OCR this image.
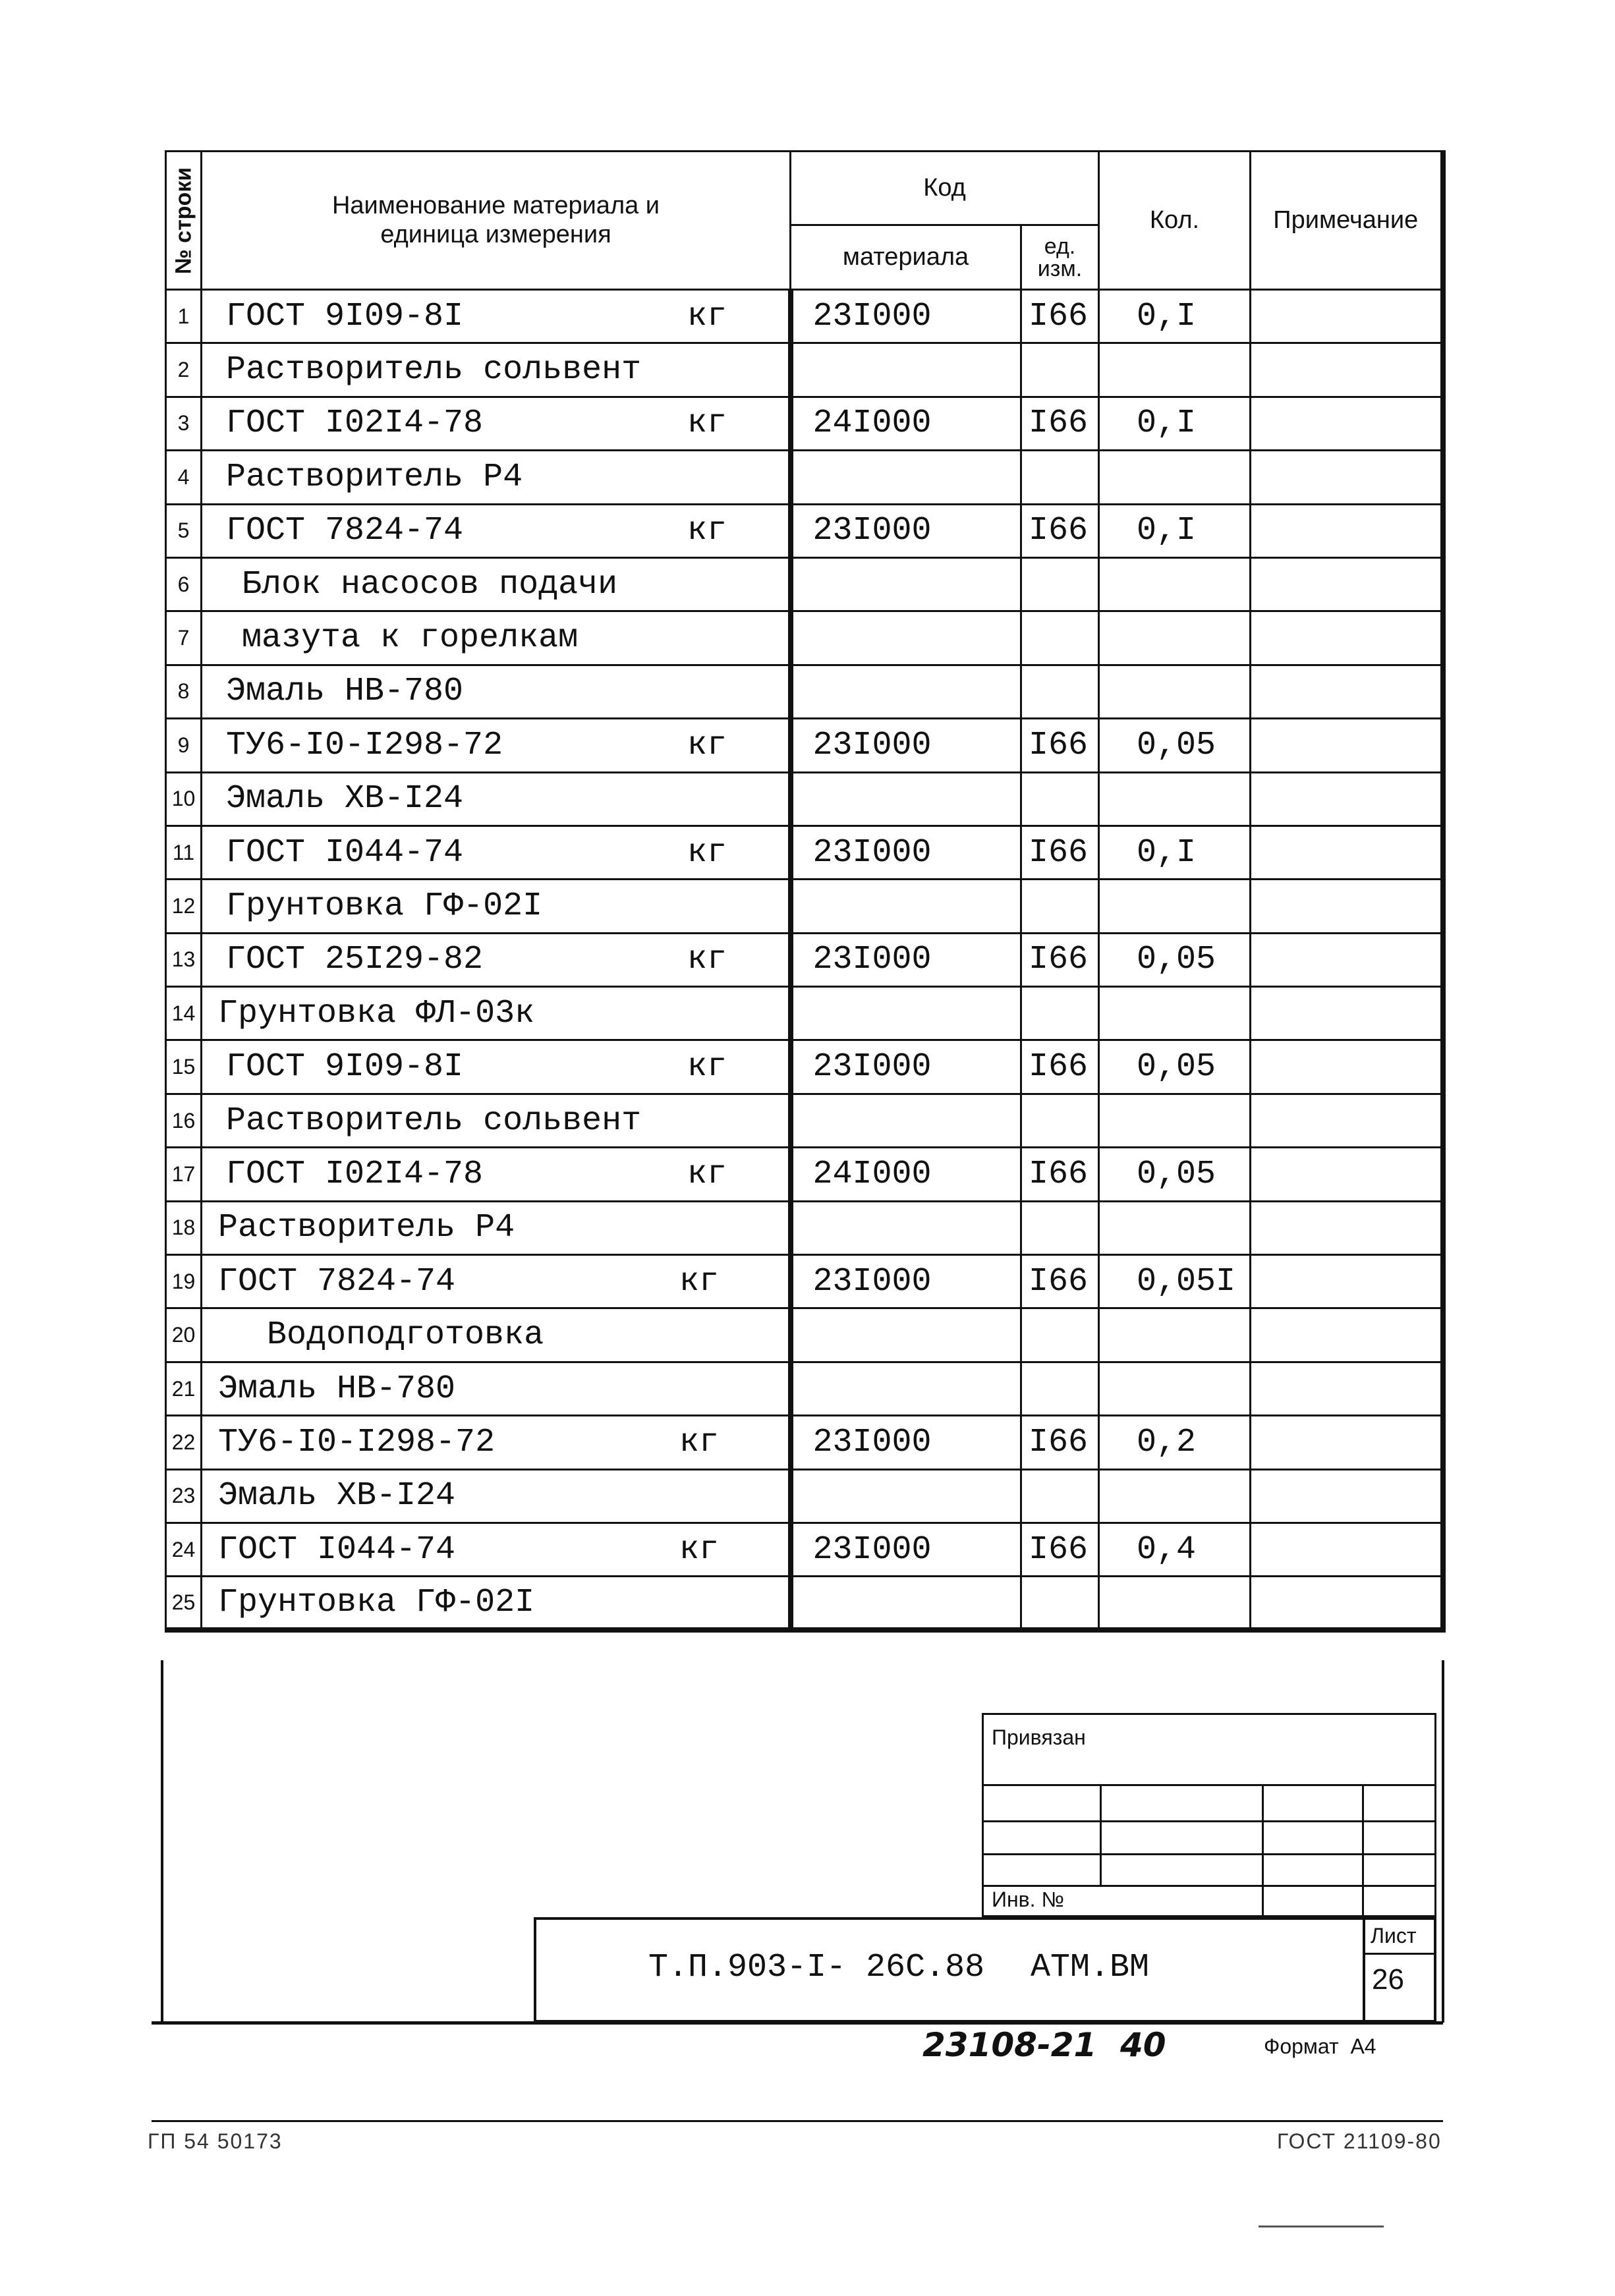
№ строки	Наименование материала и
единица измерения	Код		Кол.	Примечание
		материала	ед.
изм.		
1	ГОСТ 9I09-8I кг	23I000	I66	0,I	
2	Растворитель сольвент				
3	ГОСТ I02I4-78 кг	24I000	I66	0,I	
4	Растворитель Р4				
5	ГОСТ 7824-74 кг	23I000	I66	0,I	
6	Блок насосов подачи				
7	мазута к горелкам				
8	Эмаль НВ-780				
9	ТУ6-I0-I298-72 кг	23I000	I66	0,05	
10	Эмаль ХВ-I24				
11	ГОСТ I044-74 кг	23I000	I66	0,I	
12	Грунтовка ГФ-02I				
13	ГОСТ 25I29-82 кг	23I000	I66	0,05	
14	Грунтовка ФЛ-03к				
15	ГОСТ 9I09-8I кг	23I000	I66	0,05	
16	Растворитель сольвент				
17	ГОСТ I02I4-78 кг	24I000	I66	0,05	
18	Растворитель Р4				
19	ГОСТ 7824-74 кг	23I000	I66	0,05I	
20	Водоподготовка				
21	Эмаль НВ-780				
22	ТУ6-I0-I298-72 кг	23I000	I66	0,2	
23	Эмаль ХВ-I24				
24	ГОСТ I044-74 кг	23I000	I66	0,4	
25	Грунтовка ГФ-02I				
Привязан
Инв. №
Т.П.903-I- 26С.88 АТМ.ВМ
Лист
26
23108-21 40	Формат  А4
ГП 54 50173	ГОСТ 21109-80
